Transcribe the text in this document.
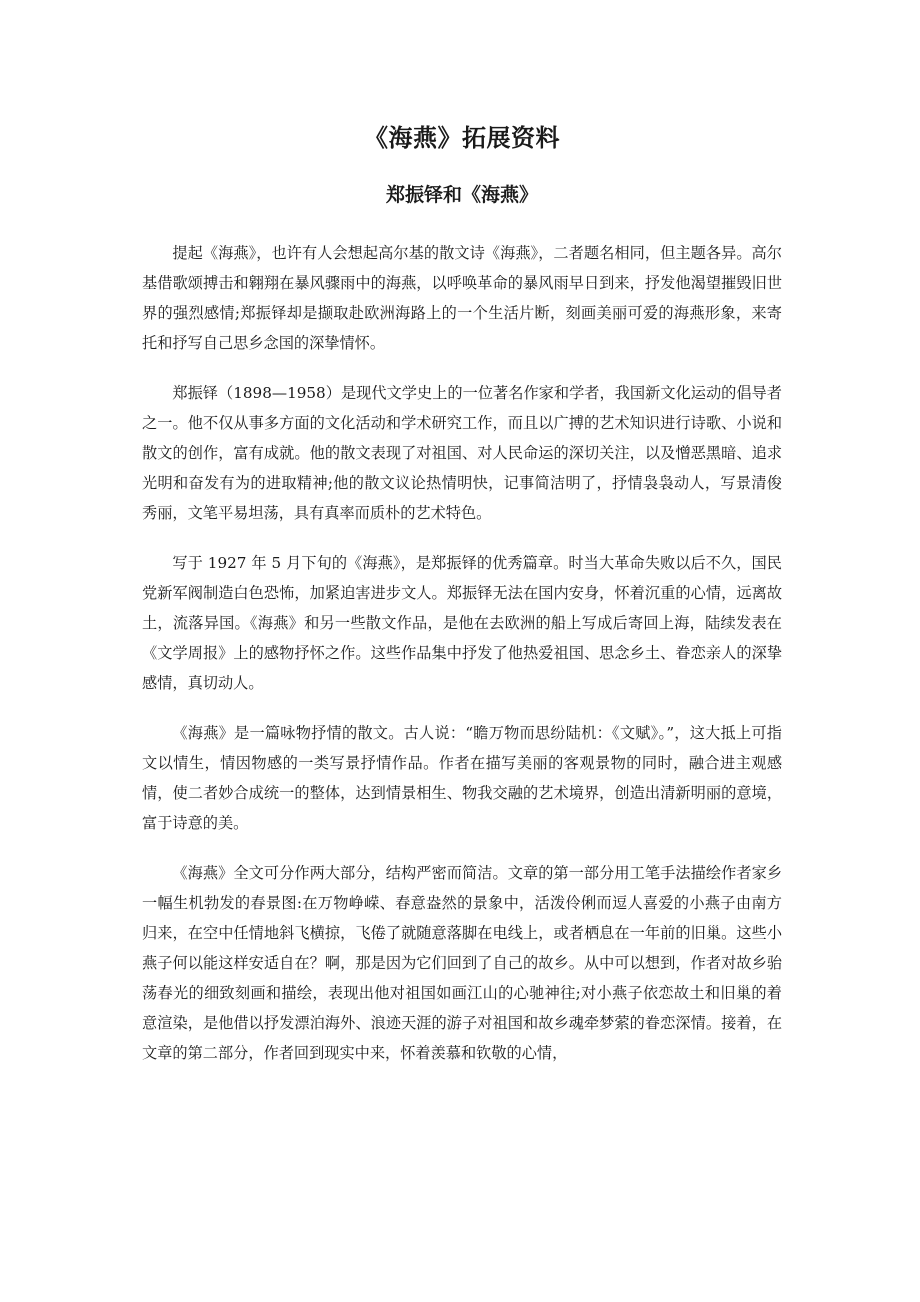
《海燕》拓展资料
郑振铎和《海燕》

提起《海燕》，也许有人会想起高尔基的散文诗《海燕》，二者题名相同，但主题各异。高尔基借歌颂搏击和翱翔在暴风骤雨中的海燕，以呼唤革命的暴风雨早日到来，抒发他渴望摧毁旧世界的强烈感情;郑振铎却是撷取赴欧洲海路上的一个生活片断，刻画美丽可爱的海燕形象，来寄托和抒写自己思乡念国的深挚情怀。

郑振铎（1898—1958）是现代文学史上的一位著名作家和学者，我国新文化运动的倡导者之一。他不仅从事多方面的文化活动和学术研究工作，而且以广搏的艺术知识进行诗歌、小说和散文的创作，富有成就。他的散文表现了对祖国、对人民命运的深切关注，以及憎恶黑暗、追求光明和奋发有为的进取精神;他的散文议论热情明快，记事简洁明了，抒情袅袅动人，写景清俊秀丽，文笔平易坦荡，具有真率而质朴的艺术特色。

写于 1927 年 5 月下旬的《海燕》，是郑振铎的优秀篇章。时当大革命失败以后不久，国民党新军阀制造白色恐怖，加紧迫害进步文人。郑振铎无法在国内安身，怀着沉重的心情，远离故土，流落异国。《海燕》和另一些散文作品，是他在去欧洲的船上写成后寄回上海，陆续发表在《文学周报》上的感物抒怀之作。这些作品集中抒发了他热爱祖国、思念乡土、眷恋亲人的深挚感情，真切动人。

《海燕》是一篇咏物抒情的散文。古人说：“瞻万物而思纷陆机：《文赋》。”，这大抵上可指文以情生，情因物感的一类写景抒情作品。作者在描写美丽的客观景物的同时，融合进主观感情，使二者妙合成统一的整体，达到情景相生、物我交融的艺术境界，创造出清新明丽的意境，富于诗意的美。

《海燕》全文可分作两大部分，结构严密而简洁。文章的第一部分用工笔手法描绘作者家乡一幅生机勃发的春景图:在万物峥嵘、春意盎然的景象中，活泼伶俐而逗人喜爱的小燕子由南方归来，在空中任情地斜飞横掠，飞倦了就随意落脚在电线上，或者栖息在一年前的旧巢。这些小燕子何以能这样安适自在？啊，那是因为它们回到了自己的故乡。从中可以想到，作者对故乡骀荡春光的细致刻画和描绘，表现出他对祖国如画江山的心驰神往;对小燕子依恋故土和旧巢的着意渲染，是他借以抒发漂泊海外、浪迹天涯的游子对祖国和故乡魂牵梦萦的眷恋深情。接着，在文章的第二部分，作者回到现实中来，怀着羡慕和钦敬的心情，
